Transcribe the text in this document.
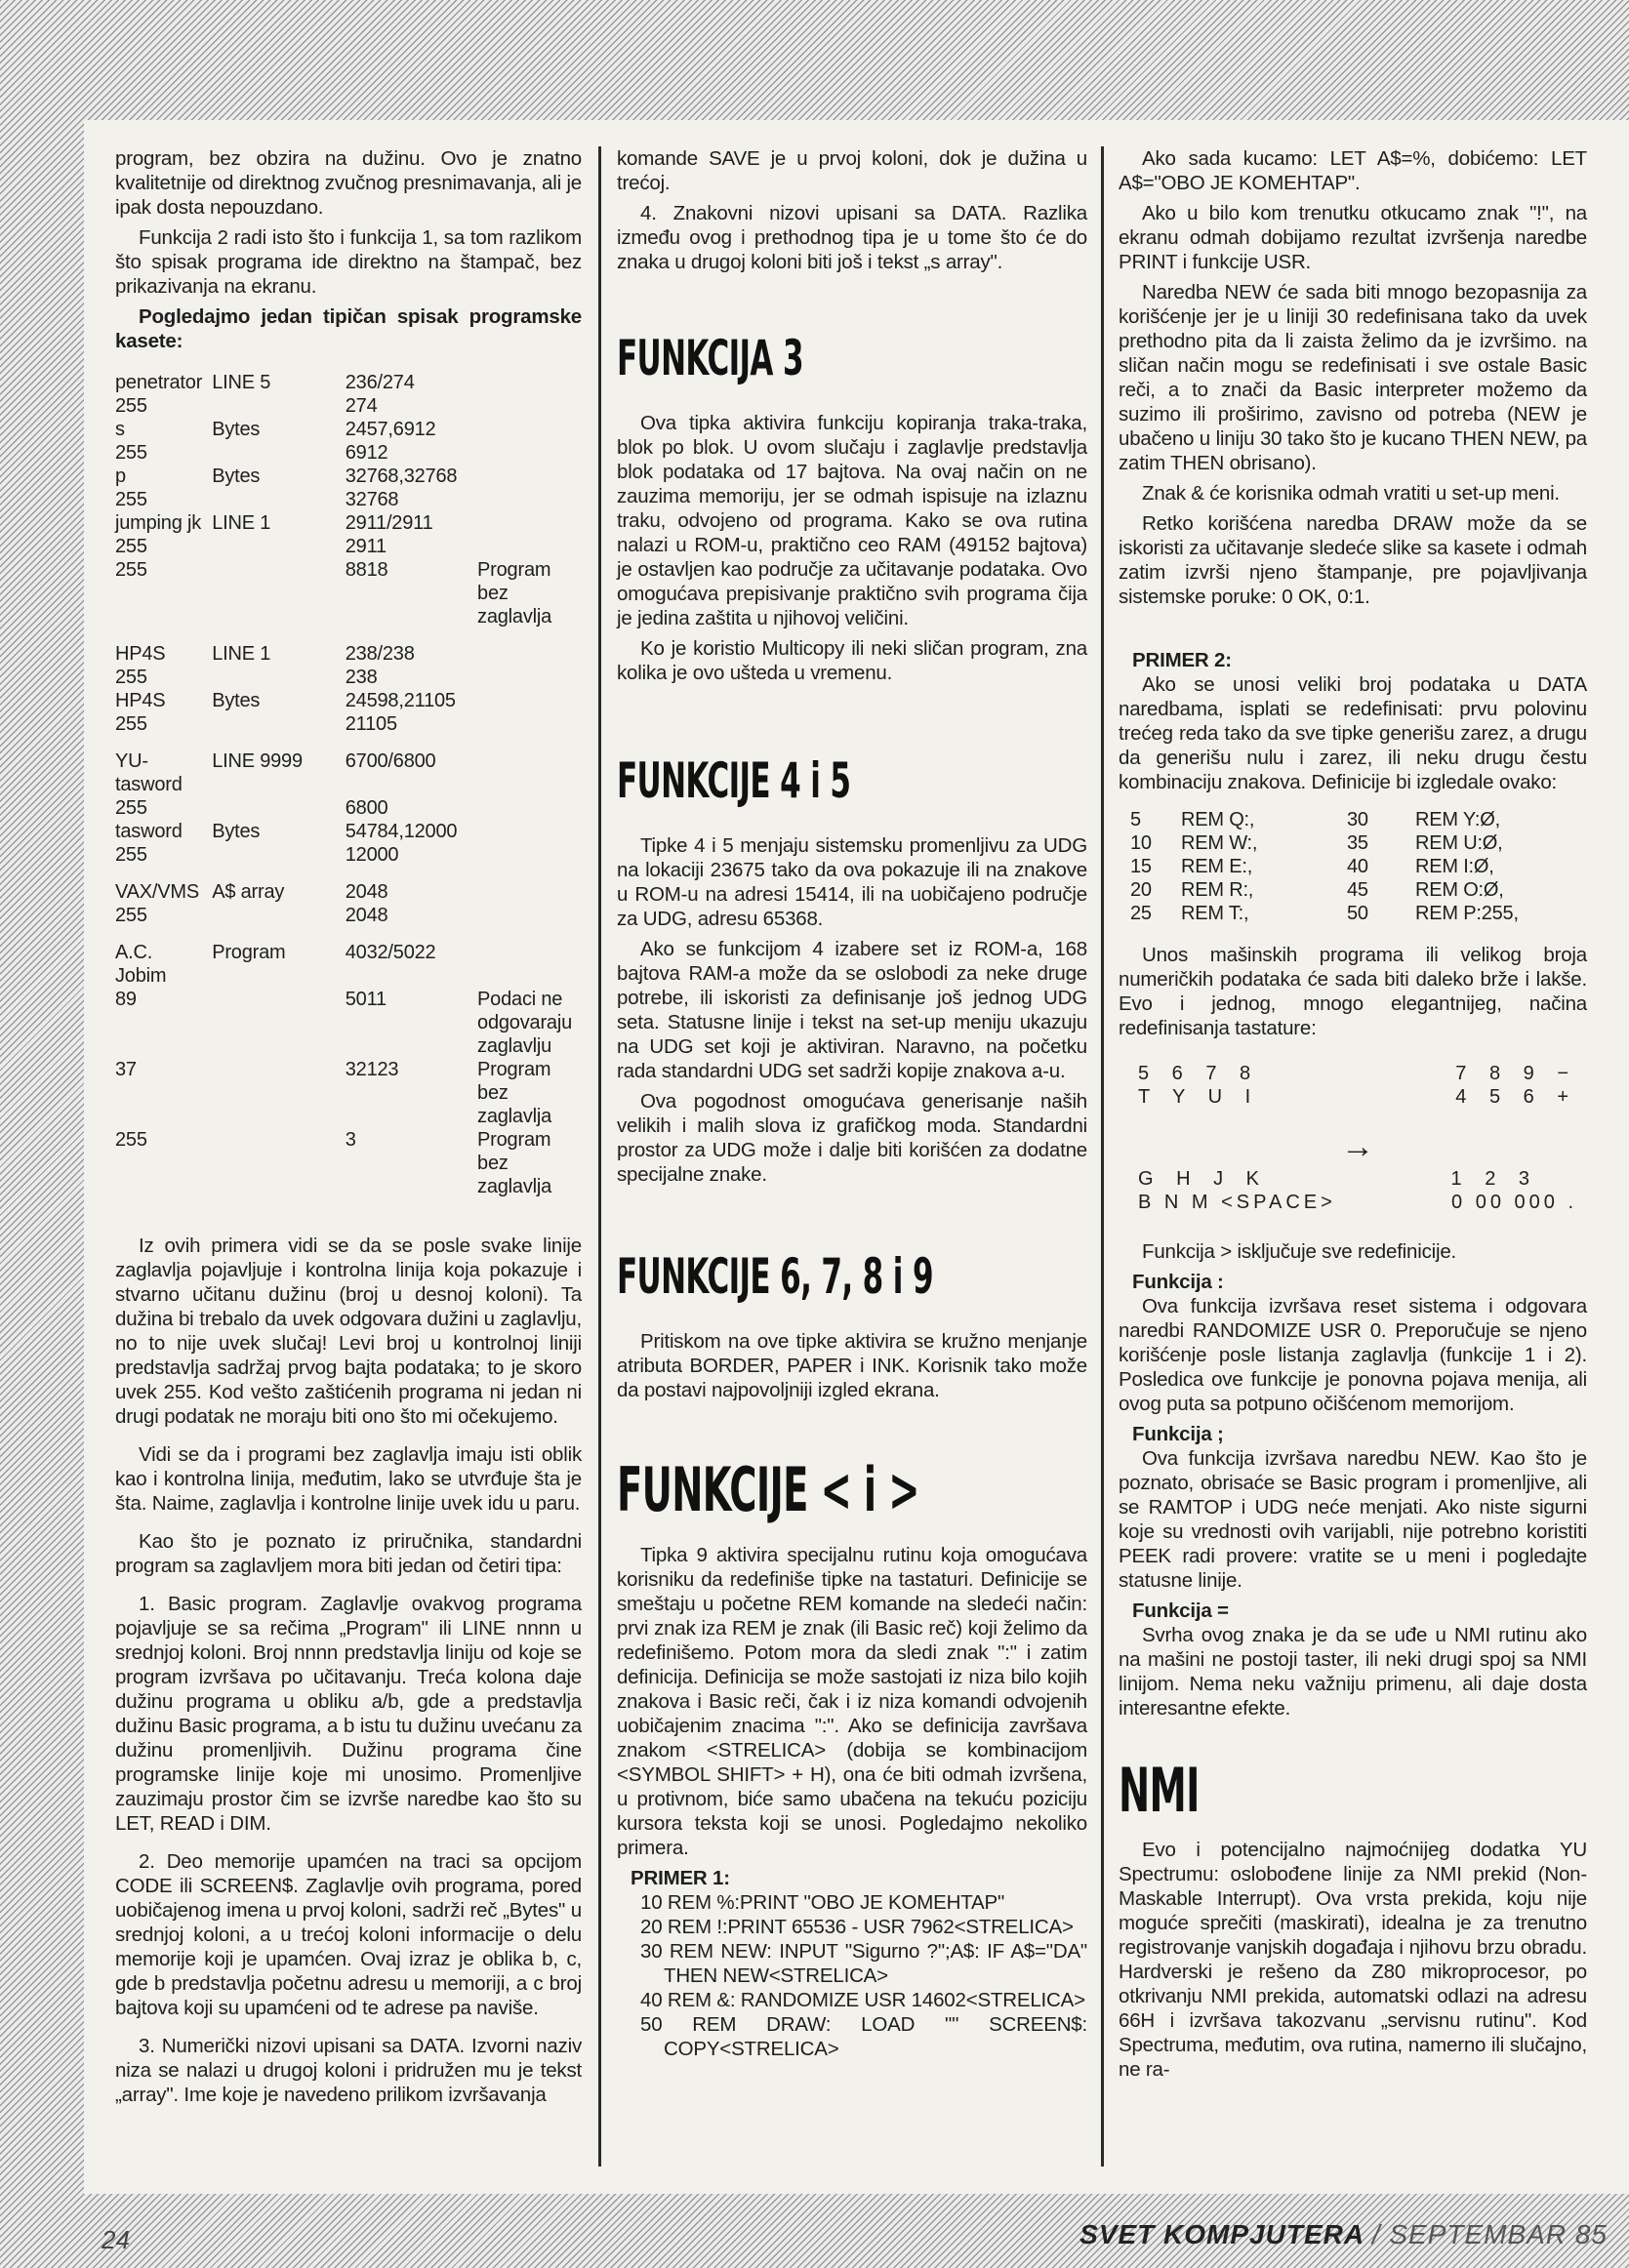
program, bez obzira na dužinu. Ovo je znatno kvalitetnije od direktnog zvučnog presnimavanja, ali je ipak dosta nepouzdano.

Funkcija 2 radi isto što i funkcija 1, sa tom razlikom što spisak programa ide direktno na štampač, bez prikazivanja na ekranu.

Pogledajmo jedan tipičan spisak programske kasete:

penetrator	LINE 5	236/274	
255		274	
s	Bytes	2457,6912	
255		6912	
p	Bytes	32768,32768	
255		32768	
jumping jk	LINE 1	2911/2911	
255		2911	
255		8818	Program bez zaglavlja
HP4S	LINE 1	238/238	
255		238	
HP4S	Bytes	24598,21105	
255		21105	
YU-tasword	LINE 9999	6700/6800	
255		6800	
tasword	Bytes	54784,12000	
255		12000	
VAX/VMS	A$ array	2048	
255		2048	
A.C. Jobim	Program	4032/5022	
89		5011	Podaci ne odgovaraju zaglavlju
37		32123	Program bez zaglavlja
255		3	Program bez zaglavlja

Iz ovih primera vidi se da se posle svake linije zaglavlja pojavljuje i kontrolna linija koja pokazuje i stvarno učitanu dužinu (broj u desnoj koloni). Ta dužina bi trebalo da uvek odgovara dužini u zaglavlju, no to nije uvek slučaj! Levi broj u kontrolnoj liniji predstavlja sadržaj prvog bajta podataka; to je skoro uvek 255. Kod vešto zaštićenih programa ni jedan ni drugi podatak ne moraju biti ono što mi očekujemo.

Vidi se da i programi bez zaglavlja imaju isti oblik kao i kontrolna linija, međutim, lako se utvrđuje šta je šta. Naime, zaglavlja i kontrolne linije uvek idu u paru.

Kao što je poznato iz priručnika, standardni program sa zaglavljem mora biti jedan od četiri tipa:

1. Basic program. Zaglavlje ovakvog programa pojavljuje se sa rečima „Program" ili LINE nnnn u srednjoj koloni. Broj nnnn predstavlja liniju od koje se program izvršava po učitavanju. Treća kolona daje dužinu programa u obliku a/b, gde a predstavlja dužinu Basic programa, a b istu tu dužinu uvećanu za dužinu promenljivih. Dužinu programa čine programske linije koje mi unosimo. Promenljive zauzimaju prostor čim se izvrše naredbe kao što su LET, READ i DIM.

2. Deo memorije upamćen na traci sa opcijom CODE ili SCREEN$. Zaglavlje ovih programa, pored uobičajenog imena u prvoj koloni, sadrži reč „Bytes" u srednjoj koloni, a u trećoj koloni informacije o delu memorije koji je upamćen. Ovaj izraz je oblika b, c, gde b predstavlja početnu adresu u memoriji, a c broj bajtova koji su upamćeni od te adrese pa naviše.

3. Numerički nizovi upisani sa DATA. Izvorni naziv niza se nalazi u drugoj koloni i pridružen mu je tekst „array". Ime koje je navedeno prilikom izvršavanja

komande SAVE je u prvoj koloni, dok je dužina u trećoj.

4. Znakovni nizovi upisani sa DATA. Razlika između ovog i prethodnog tipa je u tome što će do znaka u drugoj koloni biti još i tekst „s array".

FUNKCIJA 3

Ova tipka aktivira funkciju kopiranja traka-traka, blok po blok. U ovom slučaju i zaglavlje predstavlja blok podataka od 17 bajtova. Na ovaj način on ne zauzima memoriju, jer se odmah ispisuje na izlaznu traku, odvojeno od programa. Kako se ova rutina nalazi u ROM-u, praktično ceo RAM (49152 bajtova) je ostavljen kao područje za učitavanje podataka. Ovo omogućava prepisivanje praktično svih programa čija je jedina zaštita u njihovoj veličini.

Ko je koristio Multicopy ili neki sličan program, zna kolika je ovo ušteda u vremenu.

FUNKCIJE 4 i 5

Tipke 4 i 5 menjaju sistemsku promenljivu za UDG na lokaciji 23675 tako da ova pokazuje ili na znakove u ROM-u na adresi 15414, ili na uobičajeno područje za UDG, adresu 65368.

Ako se funkcijom 4 izabere set iz ROM-a, 168 bajtova RAM-a može da se oslobodi za neke druge potrebe, ili iskoristi za definisanje još jednog UDG seta. Statusne linije i tekst na set-up meniju ukazuju na UDG set koji je aktiviran. Naravno, na početku rada standardni UDG set sadrži kopije znakova a-u.

Ova pogodnost omogućava generisanje naših velikih i malih slova iz grafičkog moda. Standardni prostor za UDG može i dalje biti korišćen za dodatne specijalne znake.

FUNKCIJE 6, 7, 8 i 9

Pritiskom na ove tipke aktivira se kružno menjanje atributa BORDER, PAPER i INK. Korisnik tako može da postavi najpovoljniji izgled ekrana.

FUNKCIJE < i >

Tipka 9 aktivira specijalnu rutinu koja omogućava korisniku da redefiniše tipke na tastaturi. Definicije se smeštaju u početne REM komande na sledeći način: prvi znak iza REM je znak (ili Basic reč) koji želimo da redefinišemo. Potom mora da sledi znak ":" i zatim definicija. Definicija se može sastojati iz niza bilo kojih znakova i Basic reči, čak i iz niza komandi odvojenih uobičajenim znacima ":". Ako se definicija završava znakom <STRELICA> (dobija se kombinacijom <SYMBOL SHIFT> + H), ona će biti odmah izvršena, u protivnom, biće samo ubačena na tekuću poziciju kursora teksta koji se unosi. Pogledajmo nekoliko primera.

PRIMER 1:
10 REM %:PRINT "OBO JE KOMEHTAP"
20 REM !:PRINT 65536 - USR 7962<STRELICA>
30 REM NEW: INPUT "Sigurno ?";A$: IF A$="DA" THEN NEW<STRELICA>
40 REM &: RANDOMIZE USR 14602<STRELICA>
50 REM DRAW: LOAD "" SCREEN$: COPY<STRELICA>

Ako sada kucamo: LET A$=%, dobićemo: LET A$="OBO JE KOMEHTAP".

Ako u bilo kom trenutku otkucamo znak "!", na ekranu odmah dobijamo rezultat izvršenja naredbe PRINT i funkcije USR.

Naredba NEW će sada biti mnogo bezopasnija za korišćenje jer je u liniji 30 redefinisana tako da uvek prethodno pita da li zaista želimo da je izvršimo. na sličan način mogu se redefinisati i sve ostale Basic reči, a to znači da Basic interpreter možemo da suzimo ili proširimo, zavisno od potreba (NEW je ubačeno u liniju 30 tako što je kucano THEN NEW, pa zatim THEN obrisano).

Znak & će korisnika odmah vratiti u set-up meni.

Retko korišćena naredba DRAW može da se iskoristi za učitavanje sledeće slike sa kasete i odmah zatim izvrši njeno štampanje, pre pojavljivanja sistemske poruke: 0 OK, 0:1.

PRIMER 2:

Ako se unosi veliki broj podataka u DATA naredbama, isplati se redefinisati: prvu polovinu trećeg reda tako da sve tipke generišu zarez, a drugu da generišu nulu i zarez, ili neku drugu čestu kombinaciju znakova. Definicije bi izgledale ovako:

5	REM Q:,	30	REM Y:Ø,
10	REM W:,	35	REM U:Ø,
15	REM E:,	40	REM I:Ø,
20	REM R:,	45	REM O:Ø,
25	REM T:,	50	REM P:255,

Unos mašinskih programa ili velikog broja numeričkih podataka će sada biti daleko brže i lakše. Evo i jednog, mnogo elegantnijeg, načina redefinisanja tastature:

5 6 7 8	7 8 9 −
T Y U I	4 5 6 +
→	
G H J K	1 2 3
B N M <SPACE>	0 00 000 .

Funkcija > isključuje sve redefinicije.

Funkcija :

Ova funkcija izvršava reset sistema i odgovara naredbi RANDOMIZE USR 0. Preporučuje se njeno korišćenje posle listanja zaglavlja (funkcije 1 i 2). Posledica ove funkcije je ponovna pojava menija, ali ovog puta sa potpuno očišćenom memorijom.

Funkcija ;

Ova funkcija izvršava naredbu NEW. Kao što je poznato, obrisaće se Basic program i promenljive, ali se RAMTOP i UDG neće menjati. Ako niste sigurni koje su vrednosti ovih varijabli, nije potrebno koristiti PEEK radi provere: vratite se u meni i pogledajte statusne linije.

Funkcija =

Svrha ovog znaka je da se uđe u NMI rutinu ako na mašini ne postoji taster, ili neki drugi spoj sa NMI linijom. Nema neku važniju primenu, ali daje dosta interesantne efekte.

NMI

Evo i potencijalno najmoćnijeg dodatka YU Spectrumu: oslobođene linije za NMI prekid (Non-Maskable Interrupt). Ova vrsta prekida, koju nije moguće sprečiti (maskirati), idealna je za trenutno registrovanje vanjskih događaja i njihovu brzu obradu. Hardverski je rešeno da Z80 mikroprocesor, po otkrivanju NMI prekida, automatski odlazi na adresu 66H i izvršava takozvanu „servisnu rutinu". Kod Spectruma, međutim, ova rutina, namerno ili slučajno, ne ra-

24	SVET KOMPJUTERA / SEPTEMBAR 85
